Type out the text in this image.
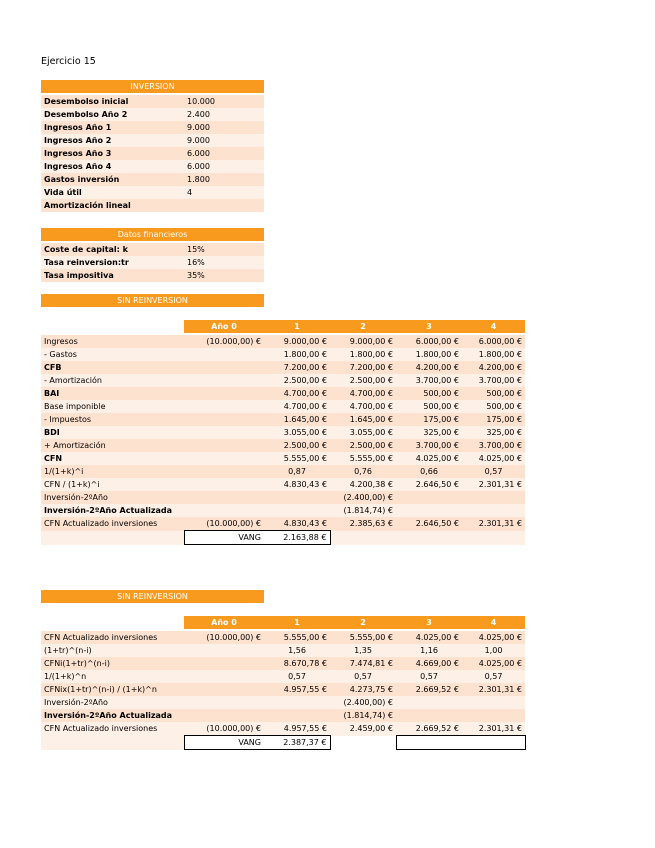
Ejercicio 15
INVERSION	

Desembolso inicial	10.000
Desembolso Año 2	2.400
Ingresos Año 1	9.000
Ingresos Año 2	9.000
Ingresos Año 3	6.000
Ingresos Año 4	6.000
Gastos inversión	1.800
Vida útil	4
Amortización lineal	
Datos financieros	

Coste de capital: k	15%
Tasa reinversion:tr	16%
Tasa impositiva	35%
SIN REINVERSION
	Año 0	1	2	3	4

Ingresos	(10.000,00) €	9.000,00 €	9.000,00 €	6.000,00 €	6.000,00 €
- Gastos		1.800,00 €	1.800,00 €	1.800,00 €	1.800,00 €
CFB		7.200,00 €	7.200,00 €	4.200,00 €	4.200,00 €
- Amortización		2.500,00 €	2.500,00 €	3.700,00 €	3.700,00 €
BAI		4.700,00 €	4.700,00 €	500,00 €	500,00 €
Base imponible		4.700,00 €	4.700,00 €	500,00 €	500,00 €
- Impuestos		1.645,00 €	1.645,00 €	175,00 €	175,00 €
BDI		3.055,00 €	3.055,00 €	325,00 €	325,00 €
+ Amortización		2.500,00 €	2.500,00 €	3.700,00 €	3.700,00 €
CFN		5.555,00 €	5.555,00 €	4.025,00 €	4.025,00 €
1/(1+k)^i		0,87	0,76	0,66	0,57
CFN / (1+k)^i		4.830,43 €	4.200,38 €	2.646,50 €	2.301,31 €
Inversión-2ºAño			(2.400,00) €		
Inversión-2ºAño Actualizada			(1.814,74) €		
CFN Actualizado inversiones	(10.000,00) €	4.830,43 €	2.385,63 €	2.646,50 €	2.301,31 €
	VANG	2.163,88 €			
SIN REINVERSION
	Año 0	1	2	3	4

CFN Actualizado inversiones	(10.000,00) €	5.555,00 €	5.555,00 €	4.025,00 €	4.025,00 €
(1+tr)^(n-i)		1,56	1,35	1,16	1,00
CFNi(1+tr)^(n-i)		8.670,78 €	7.474,81 €	4.669,00 €	4.025,00 €
1/(1+k)^n		0,57	0,57	0,57	0,57
CFNix(1+tr)^(n-i) / (1+k)^n		4.957,55 €	4.273,75 €	2.669,52 €	2.301,31 €
Inversión-2ºAño			(2.400,00) €		
Inversión-2ºAño Actualizada			(1.814,74) €		
CFN Actualizado inversiones	(10.000,00) €	4.957,55 €	2.459,00 €	2.669,52 €	2.301,31 €
	VANG	2.387,37 €			
